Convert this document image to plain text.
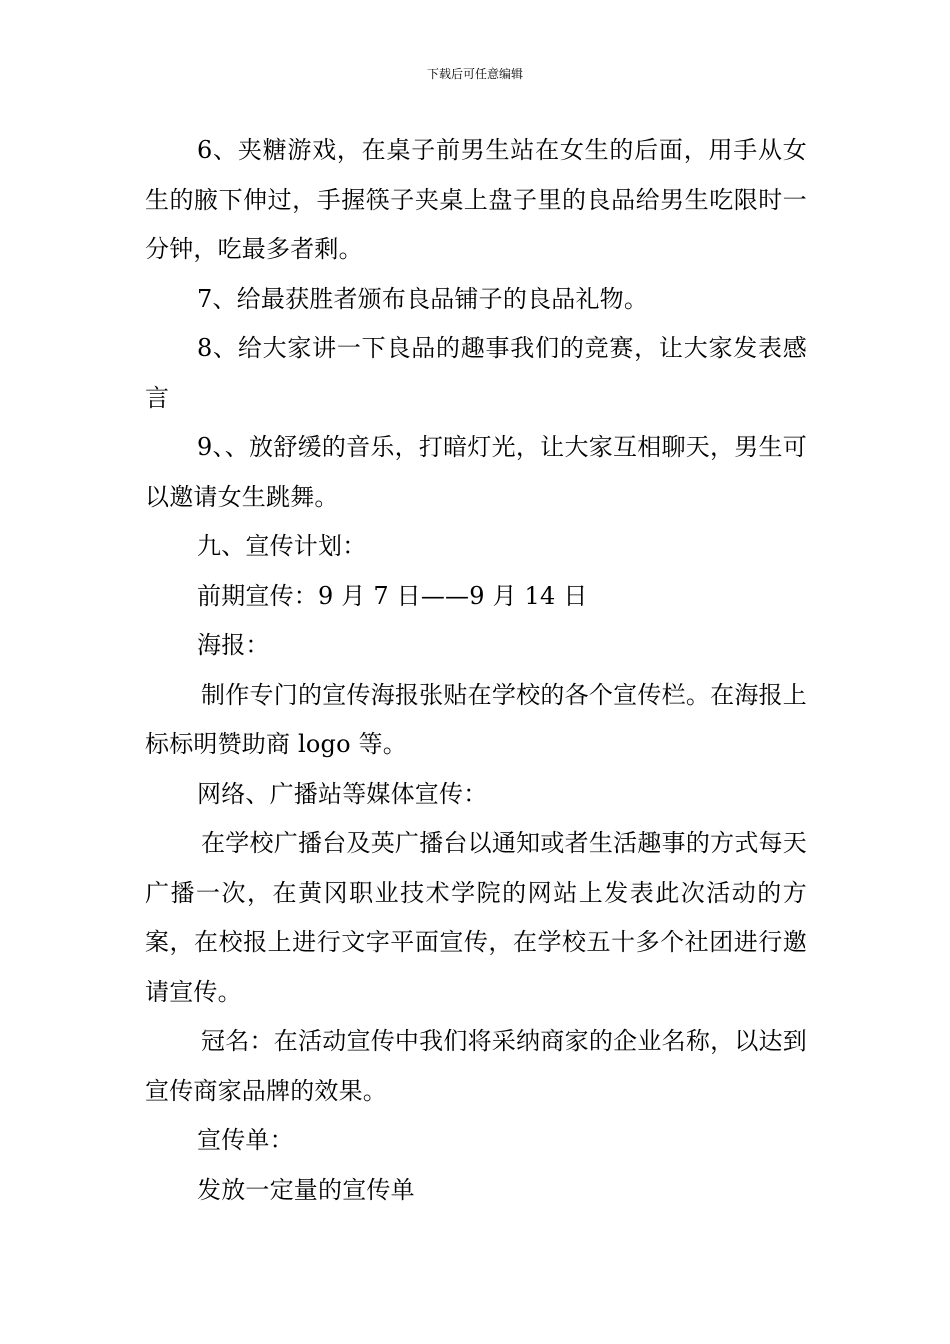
下载后可任意编辑

6、夹糖游戏，在桌子前男生站在女生的后面，用手从女生的腋下伸过，手握筷子夹桌上盘子里的良品给男生吃限时一分钟，吃最多者剩。

7、给最获胜者颁布良品铺子的良品礼物。

8、给大家讲一下良品的趣事我们的竞赛，让大家发表感言

9、、放舒缓的音乐，打暗灯光，让大家互相聊天，男生可以邀请女生跳舞。

九、宣传计划：

前期宣传：9 月 7 日——9 月 14 日

海报：

制作专门的宣传海报张贴在学校的各个宣传栏。在海报上标标明赞助商 logo 等。

网络、广播站等媒体宣传：

在学校广播台及英广播台以通知或者生活趣事的方式每天广播一次，在黄冈职业技术学院的网站上发表此次活动的方案，在校报上进行文字平面宣传，在学校五十多个社团进行邀请宣传。

冠名：在活动宣传中我们将采纳商家的企业名称，以达到宣传商家品牌的效果。

宣传单：

发放一定量的宣传单
